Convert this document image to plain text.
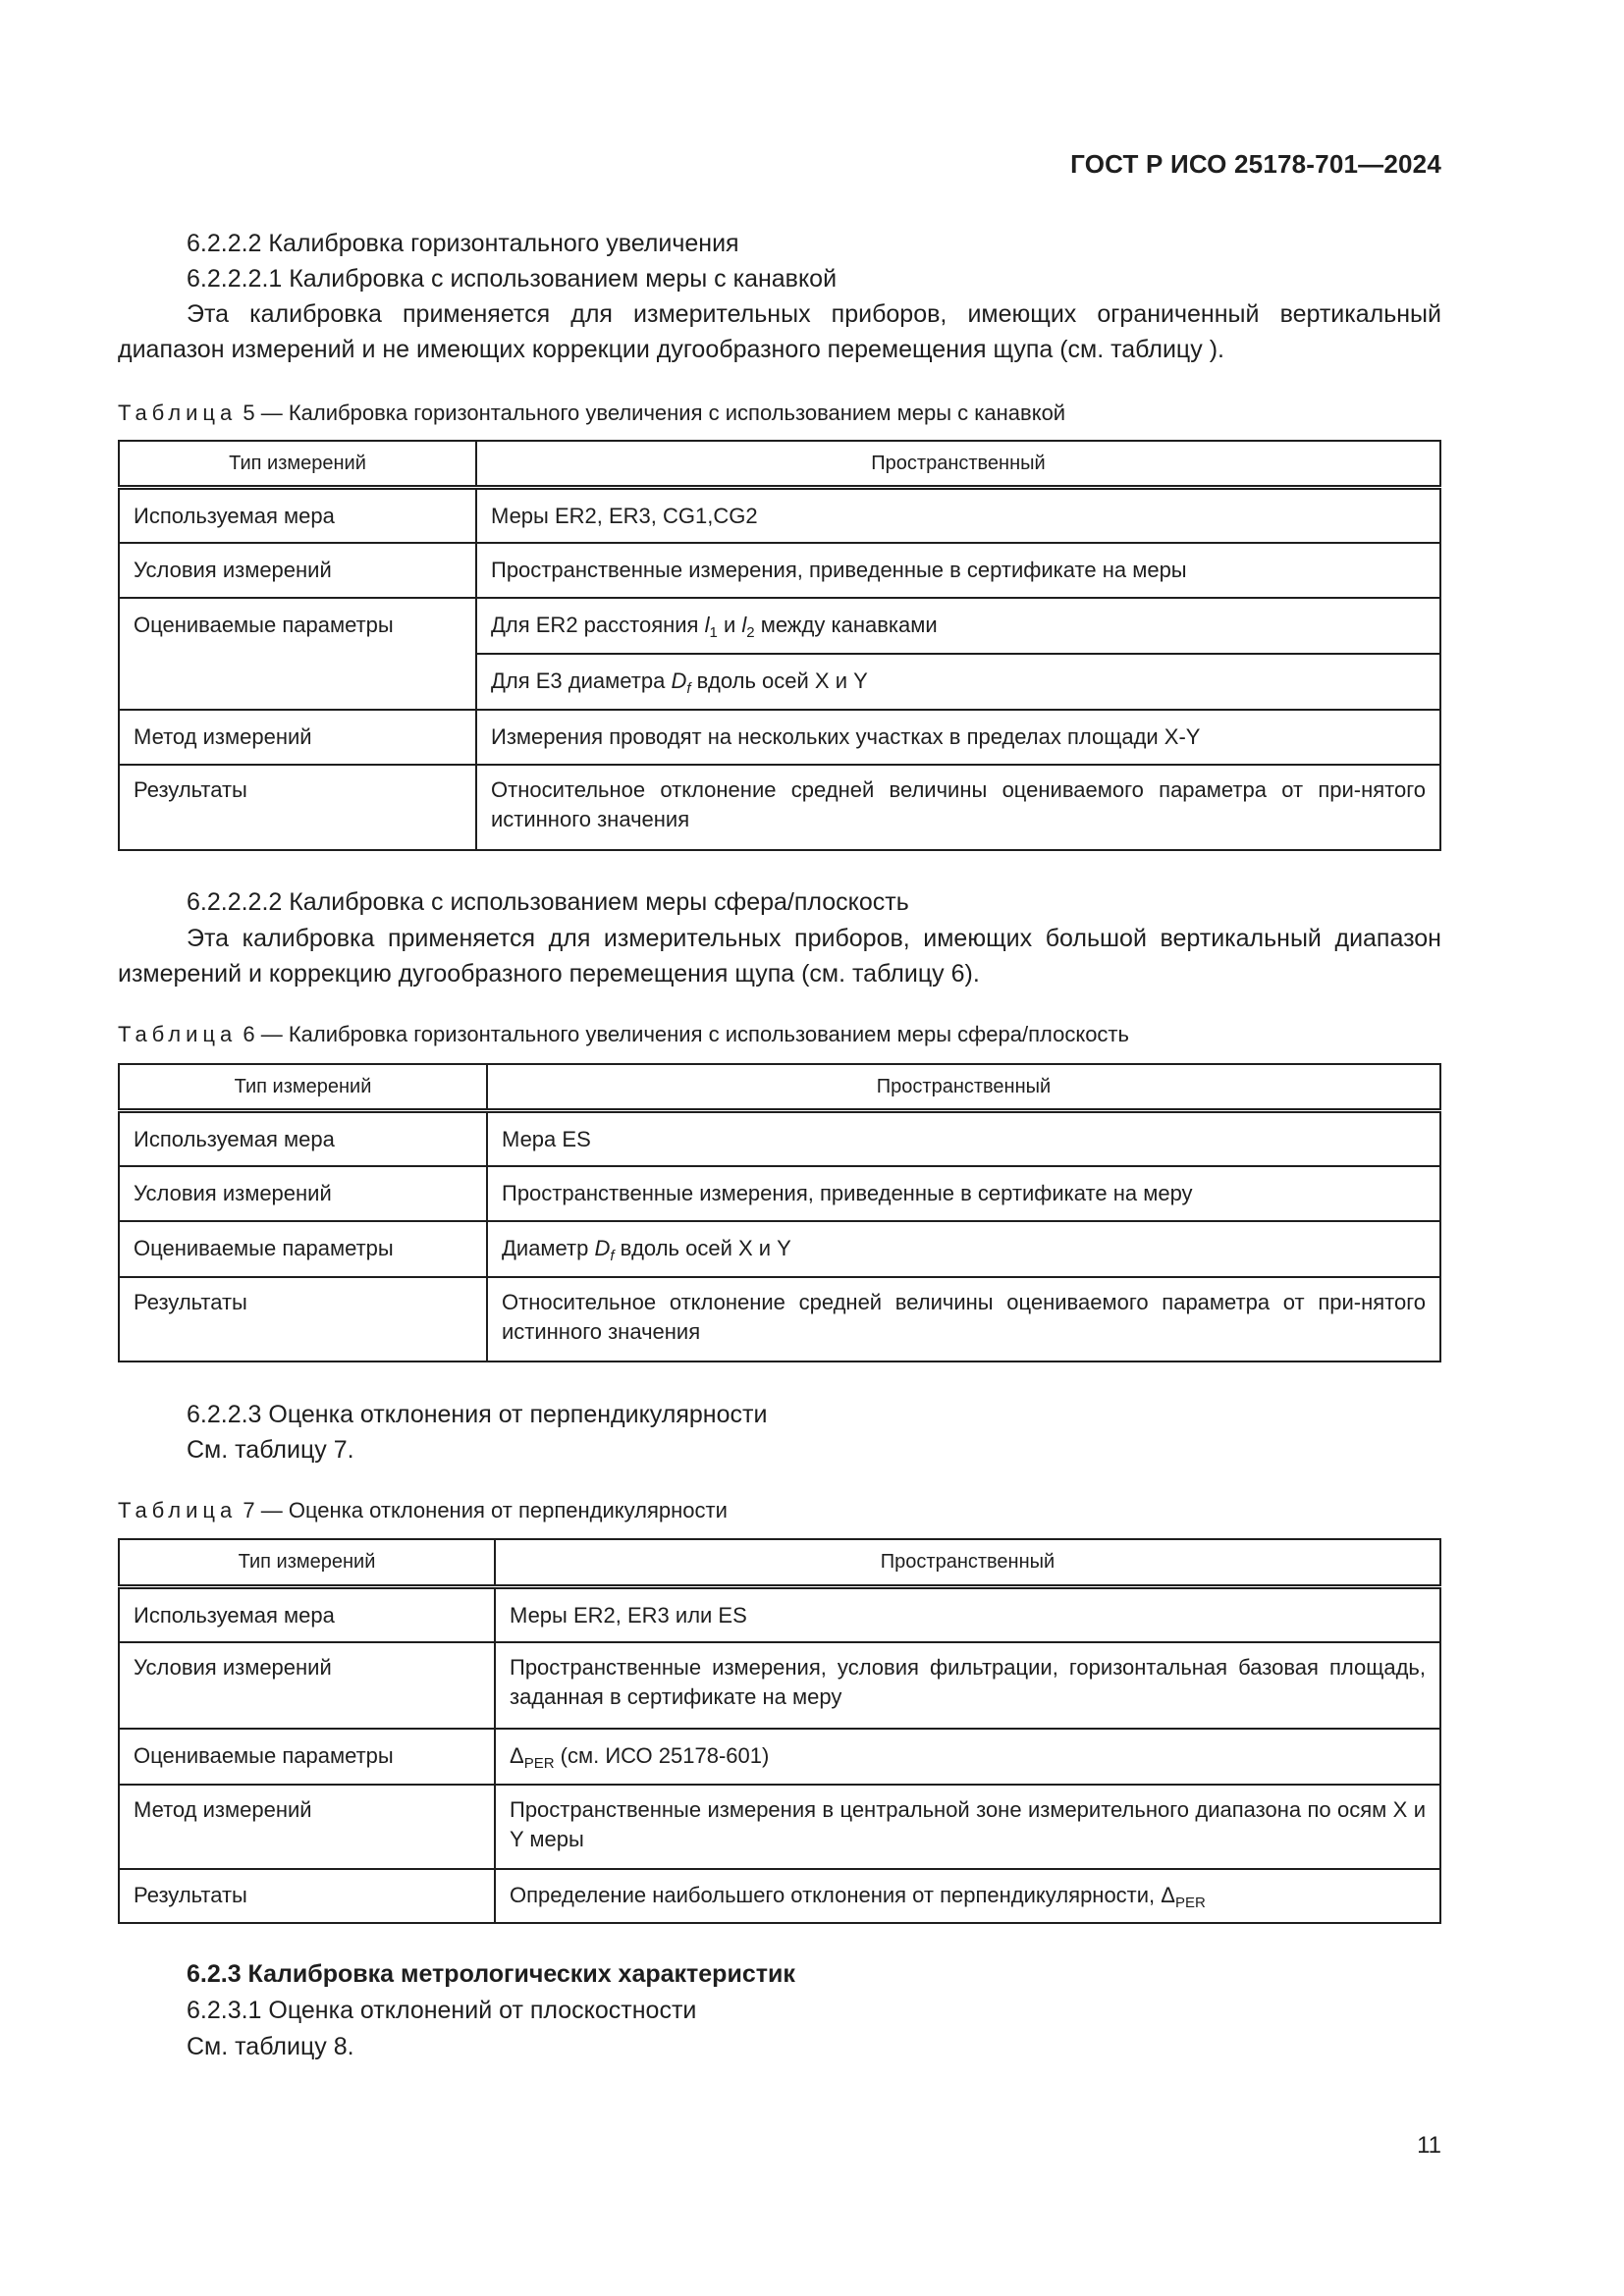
ГОСТ Р ИСО 25178-701—2024
6.2.2.2 Калибровка горизонтального увеличения
6.2.2.2.1 Калибровка с использованием меры с канавкой
Эта калибровка применяется для измерительных приборов, имеющих ограниченный вертикальный диапазон измерений и не имеющих коррекции дугообразного перемещения щупа (см. таблицу ).
Таблица 5 — Калибровка горизонтального увеличения с использованием меры с канавкой
Тип измерений	Пространственный
Используемая мера	Меры ER2, ER3, CG1,CG2
Условия измерений	Пространственные измерения, приведенные в сертификате на меры
Оцениваемые параметры	Для ER2 расстояния $l_1$ и $l_2$ между канавками
	Для E3 диаметра $D_f$ вдоль осей X и Y
Метод измерений	Измерения проводят на нескольких участках в пределах площади X-Y
Результаты	Относительное отклонение средней величины оцениваемого параметра от при-нятого истинного значения
6.2.2.2.2 Калибровка с использованием меры сфера/плоскость
Эта калибровка применяется для измерительных приборов, имеющих большой вертикальный диапазон измерений и коррекцию дугообразного перемещения щупа (см. таблицу 6).
Таблица 6 — Калибровка горизонтального увеличения с использованием меры сфера/плоскость
Тип измерений	Пространственный
Используемая мера	Мера ES
Условия измерений	Пространственные измерения, приведенные в сертификате на меру
Оцениваемые параметры	Диаметр $D_f$ вдоль осей X и Y
Результаты	Относительное отклонение средней величины оцениваемого параметра от при-нятого истинного значения
6.2.2.3 Оценка отклонения от перпендикулярности
См. таблицу 7.
Таблица 7 — Оценка отклонения от перпендикулярности
Тип измерений	Пространственный
Используемая мера	Меры ER2, ER3 или ES
Условия измерений	Пространственные измерения, условия фильтрации, горизонтальная базовая площадь, заданная в сертификате на меру
Оцениваемые параметры	$\Delta_{PER}$ (см. ИСО 25178-601)
Метод измерений	Пространственные измерения в центральной зоне измерительного диапазона по осям X и Y меры
Результаты	Определение наибольшего отклонения от перпендикулярности, $\Delta_{PER}$
6.2.3 Калибровка метрологических характеристик
6.2.3.1 Оценка отклонений от плоскостности
См. таблицу 8.
11
